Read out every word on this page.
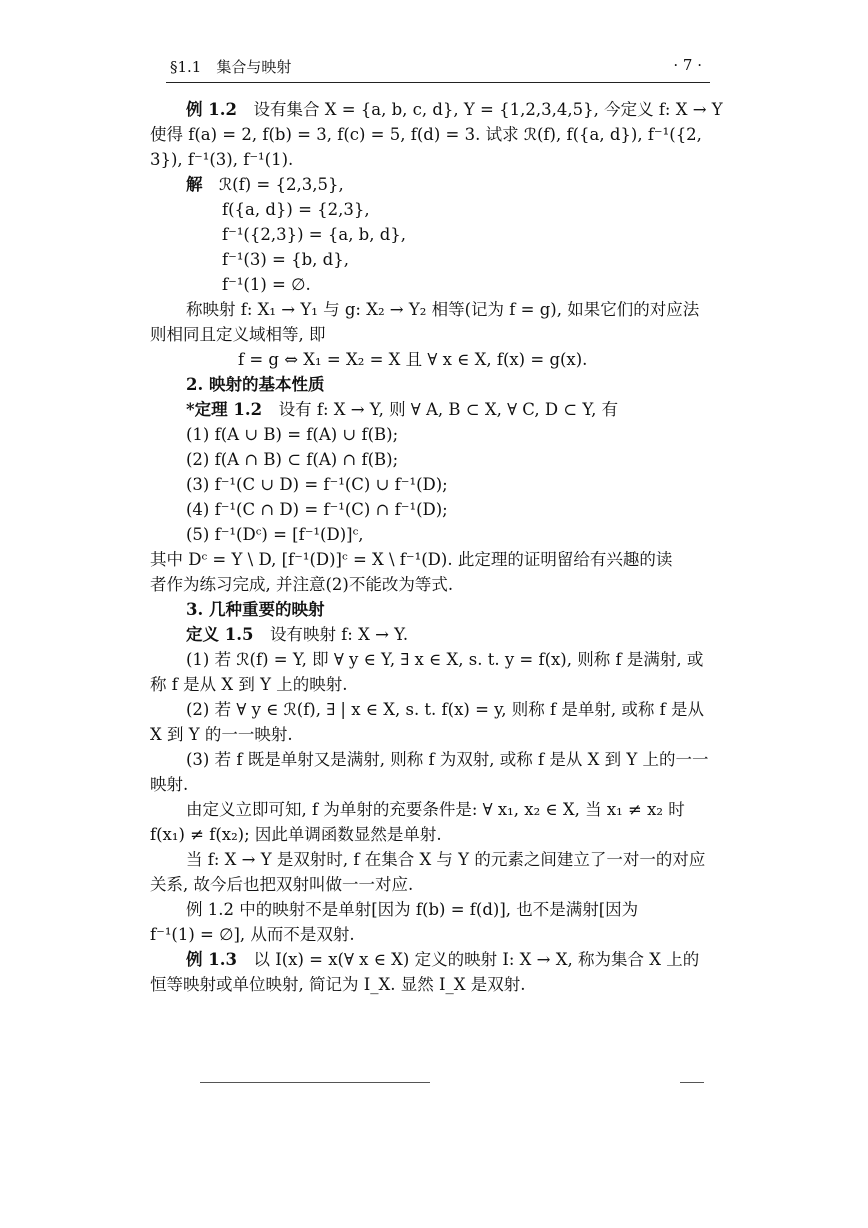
§1.1　集合与映射	· 7 ·

例 1.2　设有集合 X = {a, b, c, d}, Y = {1,2,3,4,5}, 今定义 f: X → Y

使得 f(a) = 2, f(b) = 3, f(c) = 5, f(d) = 3. 试求 ℛ(f), f({a, d}), f⁻¹({2,

3}), f⁻¹(3), f⁻¹(1).

解　ℛ(f) = {2,3,5},

f({a, d}) = {2,3},

f⁻¹({2,3}) = {a, b, d},

f⁻¹(3) = {b, d},

f⁻¹(1) = ∅.

称映射 f: X₁ → Y₁ 与 g: X₂ → Y₂ 相等(记为 f = g), 如果它们的对应法

则相同且定义域相等, 即

f = g ⇔ X₁ = X₂ = X 且 ∀ x ∈ X, f(x) = g(x).

2. 映射的基本性质

*定理 1.2　设有 f: X → Y, 则 ∀ A, B ⊂ X, ∀ C, D ⊂ Y, 有

(1) f(A ∪ B) = f(A) ∪ f(B);

(2) f(A ∩ B) ⊂ f(A) ∩ f(B);

(3) f⁻¹(C ∪ D) = f⁻¹(C) ∪ f⁻¹(D);

(4) f⁻¹(C ∩ D) = f⁻¹(C) ∩ f⁻¹(D);

(5) f⁻¹(Dᶜ) = [f⁻¹(D)]ᶜ,

其中 Dᶜ = Y \ D, [f⁻¹(D)]ᶜ = X \ f⁻¹(D). 此定理的证明留给有兴趣的读

者作为练习完成, 并注意(2)不能改为等式.

3. 几种重要的映射

定义 1.5　设有映射 f: X → Y.

(1) 若 ℛ(f) = Y, 即 ∀ y ∈ Y, ∃ x ∈ X, s. t. y = f(x), 则称 f 是满射, 或

称 f 是从 X 到 Y 上的映射.

(2) 若 ∀ y ∈ ℛ(f), ∃ | x ∈ X, s. t. f(x) = y, 则称 f 是单射, 或称 f 是从

X 到 Y 的一一映射.

(3) 若 f 既是单射又是满射, 则称 f 为双射, 或称 f 是从 X 到 Y 上的一一

映射.

由定义立即可知, f 为单射的充要条件是: ∀ x₁, x₂ ∈ X, 当 x₁ ≠ x₂ 时

f(x₁) ≠ f(x₂); 因此单调函数显然是单射.

当 f: X → Y 是双射时, f 在集合 X 与 Y 的元素之间建立了一对一的对应

关系, 故今后也把双射叫做一一对应.

例 1.2 中的映射不是单射[因为 f(b) = f(d)], 也不是满射[因为

f⁻¹(1) = ∅], 从而不是双射.

例 1.3　以 I(x) = x(∀ x ∈ X) 定义的映射 I: X → X, 称为集合 X 上的

恒等映射或单位映射, 简记为 I_X. 显然 I_X 是双射.
